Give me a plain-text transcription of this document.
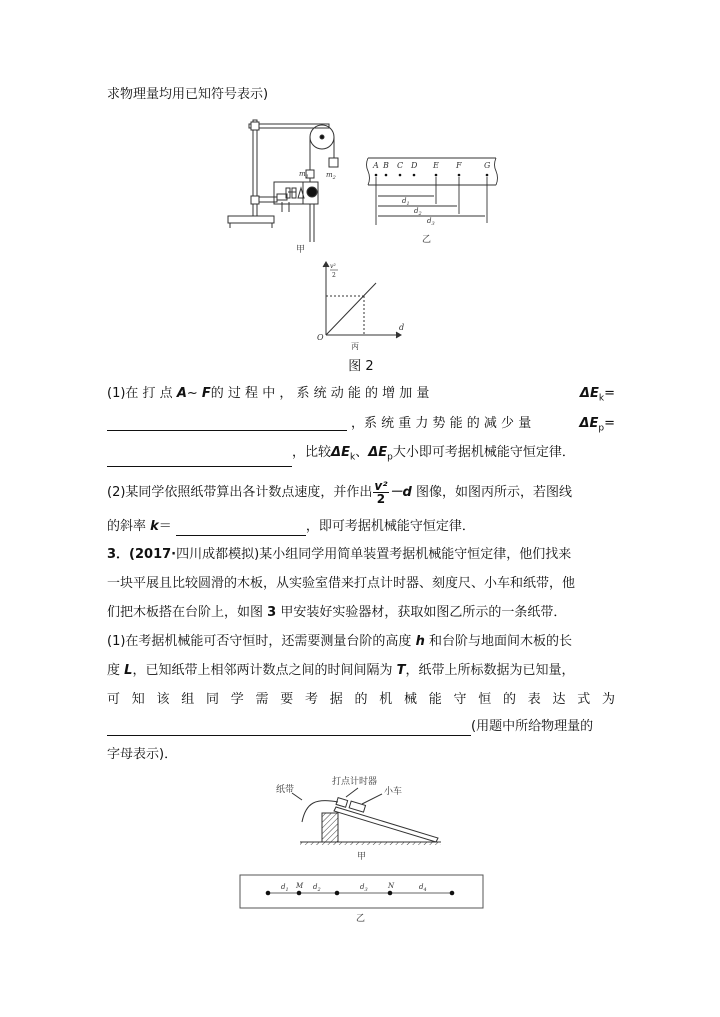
求物理量均用已知符号表示)
$m_1$ $m_2$
甲
A B C D E F	G
$d_1$
$d_2$
$d_3$
乙
v²
2
d
O
丙
图 2
(1)在 打 点 A~ F的 过 程 中 ， 系 统 动 能 的 增 加 量	$\Delta E_k=$
，系 统 重 力 势 能 的 减 少 量	$\Delta E_p=$
，比较$\Delta E_k$、$\Delta E_p$大小即可考据机械能守恒定律．
(2)某同学依照纸带算出各计数点速度，并作出 $\frac{\text{v²}}{2} -d$ 图像，如图丙所示，若图线
的斜率 k＝	，即可考据机械能守恒定律．
3．(2017·四川成都模拟)某小组同学用简单装置考据机械能守恒定律，他们找来
一块平展且比较圆滑的木板，从实验室借来打点计时器、刻度尺、小车和纸带，他
们把木板搭在台阶上，如图 3 甲安装好实验器材，获取如图乙所示的一条纸带．
(1)在考据机械能可否守恒时，还需要测量台阶的高度 h 和台阶与地面间木板的长
度 L，已知纸带上相邻两计数点之间的时间间隔为 T，纸带上所标数据为已知量，
可 知 该 组 同 学 需 要 考 据 的 机 械 能 守 恒 的 表 达 式 为
(用题中所给物理量的
字母表示)．
纸带
打点计时器
小车
甲
$d_1$ M $d_2$	$d_3$	N	$d_4$
乙
